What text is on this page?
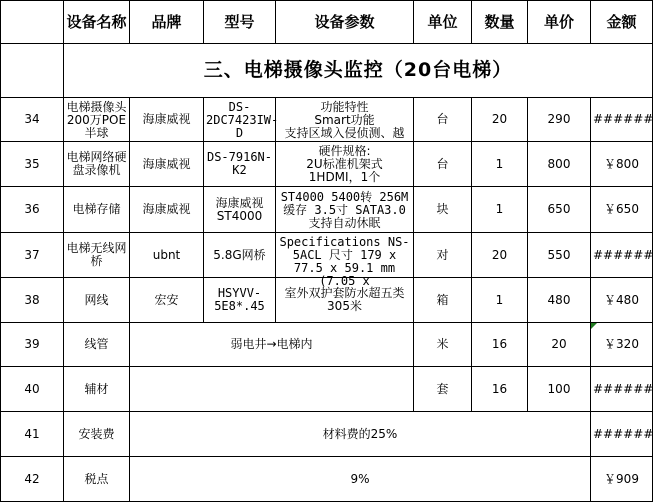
	设备名称	品牌	型号	设备参数	单位	数量	单价	金额
	三、电梯摄像头监控（20台电梯）							
34	电梯摄像头200万POE半球	海康威视	DS-2DC7423IW-D	功能特性
Smart功能
支持区域入侵侦测、越	台	20	290	######
35	电梯网络硬盘录像机	海康威视	DS-7916N-K2	硬件规格:
2U标准机架式
1HDMI，1个	台	1	800	￥800
36	电梯存储	海康威视	海康威视ST4000	ST4000 5400转 256M缓存 3.5寸 SATA3.0 支持自动休眠	块	1	650	￥650
37	电梯无线网桥	ubnt	5.8G网桥	Specifications NS-5ACL 尺寸 179 x 77.5 x 59.1 mm (7.05 x	对	20	550	######
38	网线	宏安	HSYVV-5E8*.45	室外双护套防水超五类305米	箱	1	480	￥480
39	线管	弱电井→电梯内			米	16	20	￥320
40	辅材				套	16	100	######
41	安装费	材料费的25%						######
42	税点	9%						￥909
